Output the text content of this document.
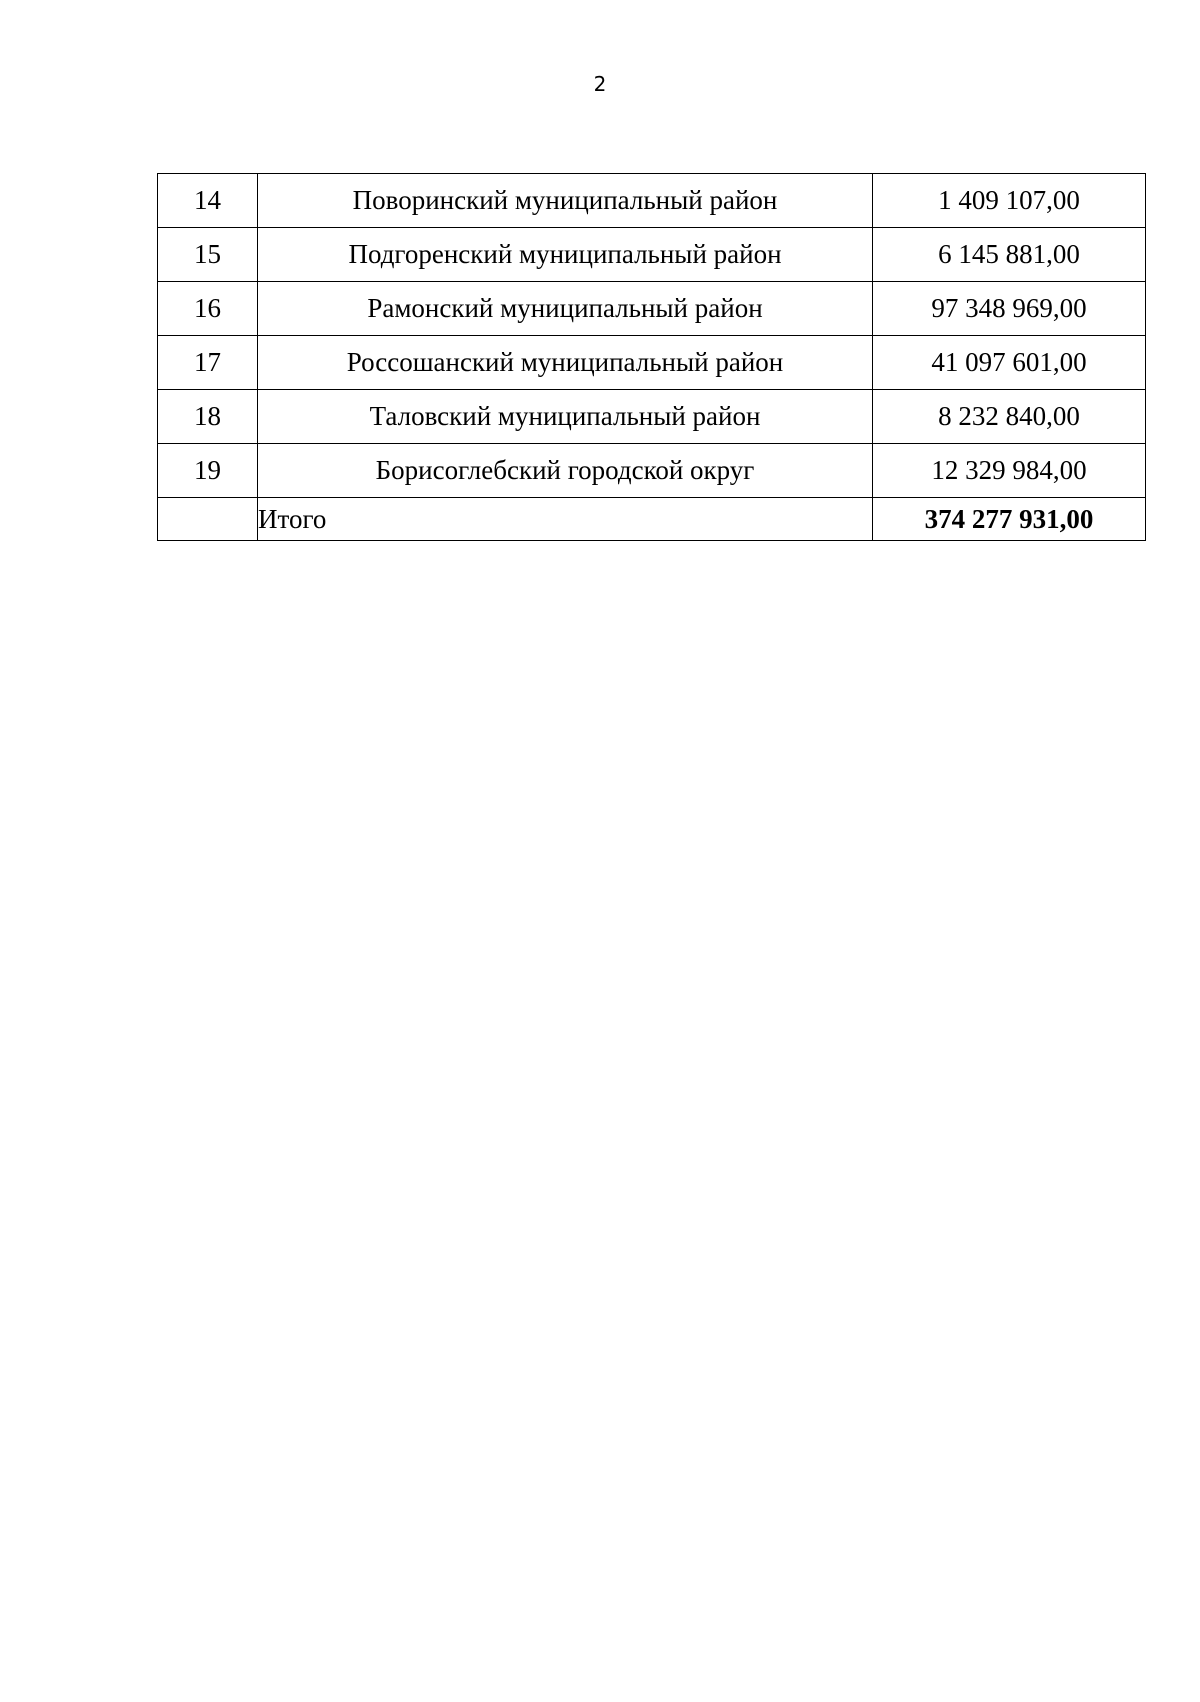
2
14	Поворинский муниципальный район	1 409 107,00
15	Подгоренский муниципальный район	6 145 881,00
16	Рамонский муниципальный район	97 348 969,00
17	Россошанский муниципальный район	41 097 601,00
18	Таловский муниципальный район	8 232 840,00
19	Борисоглебский городской округ	12 329 984,00
	Итого	374 277 931,00
